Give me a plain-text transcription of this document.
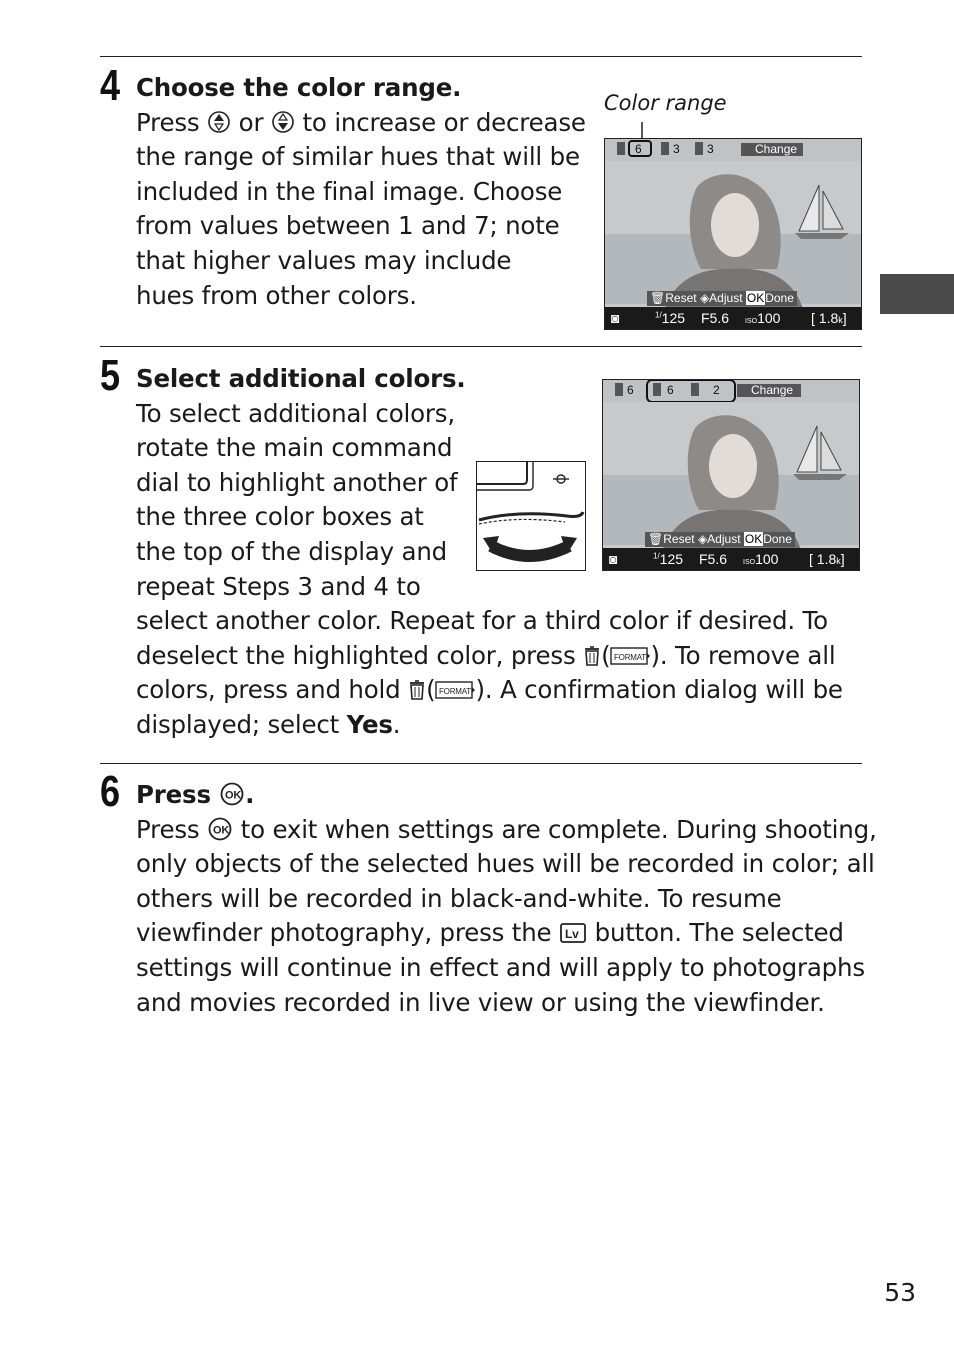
4 Choose the color range.
Press or to increase or decrease
the range of similar hues that will be
included in the final image. Choose
from values between 1 and 7; note
that higher values may include
hues from other colors.
Color range
6	3 3	Change
🗑Reset ◈Adjust OKDone
◙	$^{1/}$125 F5.6 ISO100 [ 1.8k]
5 Select additional colors.
To select additional colors,
rotate the main command
dial to highlight another of
the three color boxes at
the top of the display and
repeat Steps 3 and 4 to
select another color. Repeat for a third color if desired. To
deselect the highlighted color, press ( FORMAT ). To remove all
colors, press and hold ( FORMAT ). A confirmation dialog will be
displayed; select Yes.
6	6	2	Change
🗑Reset ◈Adjust OKDone
◙	$^{1/}$125 F5.6 ISO100 [ 1.8k]
6 Press OK .
Press OK to exit when settings are complete. During shooting,
only objects of the selected hues will be recorded in color; all
others will be recorded in black-and-white. To resume
viewfinder photography, press the Lv button. The selected
settings will continue in effect and will apply to photographs
and movies recorded in live view or using the viewfinder.
53
